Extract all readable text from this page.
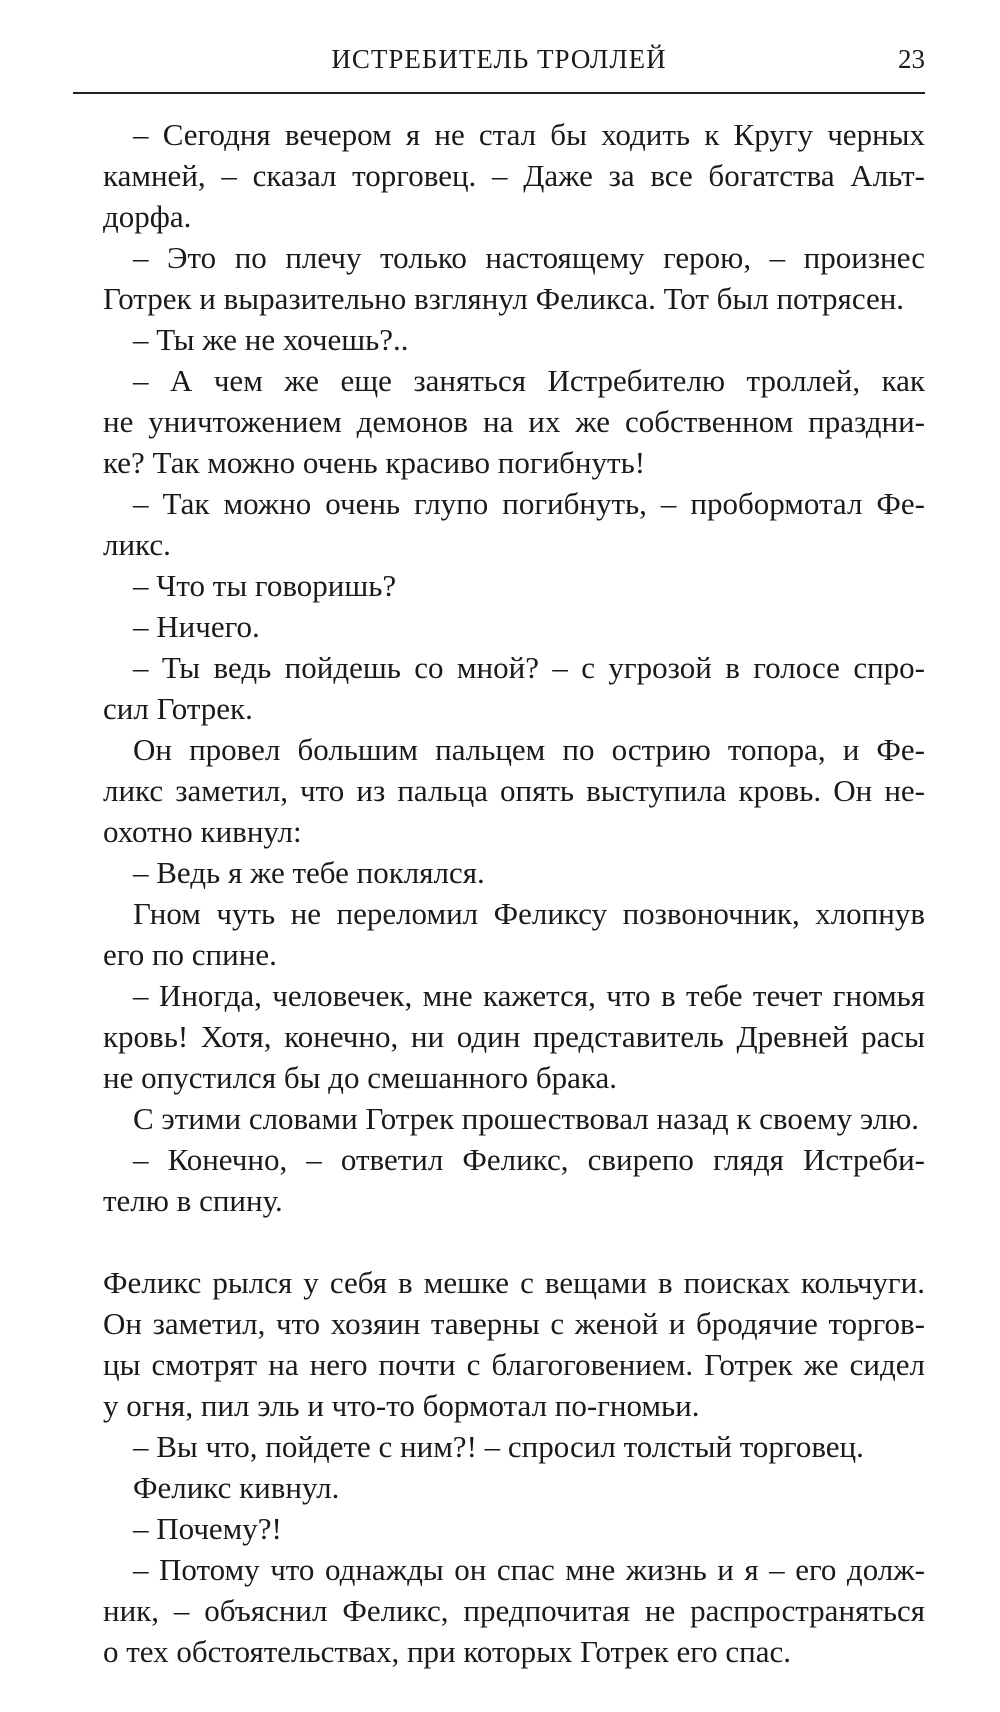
ИСТРЕБИТЕЛЬ ТРОЛЛЕЙ	23
– Сегодня вечером я не стал бы ходить к Кругу черных
камней, – сказал торговец. – Даже за все богатства Альт-
дорфа.
– Это по плечу только настоящему герою, – произнес
Готрек и выразительно взглянул Феликса. Тот был потрясен.
– Ты же не хочешь?..
– А чем же еще заняться Истребителю троллей, как
не уничтожением демонов на их же собственном праздни-
ке? Так можно очень красиво погибнуть!
– Так можно очень глупо погибнуть, – пробормотал Фе-
ликс.
– Что ты говоришь?
– Ничего.
– Ты ведь пойдешь со мной? – с угрозой в голосе спро-
сил Готрек.
Он провел большим пальцем по острию топора, и Фе-
ликс заметил, что из пальца опять выступила кровь. Он не-
охотно кивнул:
– Ведь я же тебе поклялся.
Гном чуть не переломил Феликсу позвоночник, хлопнув
его по спине.
– Иногда, человечек, мне кажется, что в тебе течет гномья
кровь! Хотя, конечно, ни один представитель Древней расы
не опустился бы до смешанного брака.
С этими словами Готрек прошествовал назад к своему элю.
– Конечно, – ответил Феликс, свирепо глядя Истреби-
телю в спину.
Феликс рылся у себя в мешке с вещами в поисках кольчуги.
Он заметил, что хозяин таверны с женой и бродячие торгов-
цы смотрят на него почти с благоговением. Готрек же сидел
у огня, пил эль и что-то бормотал по-гномьи.
– Вы что, пойдете с ним?! – спросил толстый торговец.
Феликс кивнул.
– Почему?!
– Потому что однажды он спас мне жизнь и я – его долж-
ник, – объяснил Феликс, предпочитая не распространяться
о тех обстоятельствах, при которых Готрек его спас.
